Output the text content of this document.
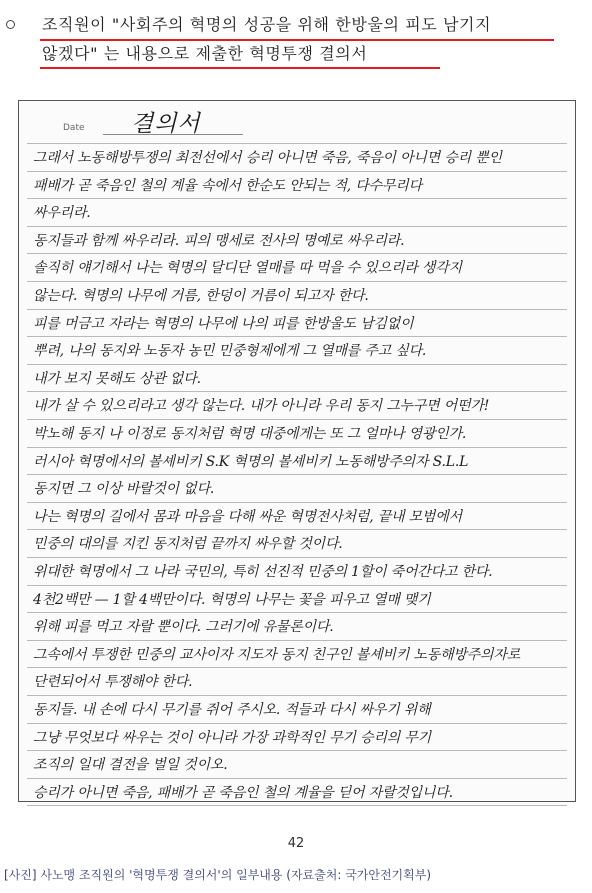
조직원이 "사회주의 혁명의 성공을 위해 한방울의 피도 남기지
않겠다" 는 내용으로 제출한 혁명투쟁 결의서
Date 결의서
그래서 노동해방투쟁의 최전선에서 승리 아니면 죽음, 죽음이 아니면 승리 뿐인
패배가 곧 죽음인 철의 계율 속에서 한순도 안되는 적, 다수무리다
싸우리라.
동지들과 함께 싸우리라. 피의 맹세로 전사의 명예로 싸우리라.
솔직히 얘기해서 나는 혁명의 달디단 열매를 따 먹을 수 있으리라 생각지
않는다. 혁명의 나무에 거름, 한덩이 거름이 되고자 한다.
피를 머금고 자라는 혁명의 나무에 나의 피를 한방울도 남김없이
뿌려, 나의 동지와 노동자 농민 민중형제에게 그 열매를 주고 싶다.
내가 보지 못해도 상관 없다.
내가 살 수 있으리라고 생각 않는다. 내가 아니라 우리 동지 그누구면 어떤가!
박노해 동지 나 이정로 동지처럼 혁명 대중에게는 또 그 얼마나 영광인가.
러시아 혁명에서의 볼셰비키 S.K 혁명의 볼셰비키 노동해방주의자 S.L.L
동지면 그 이상 바랄것이 없다.
나는 혁명의 길에서 몸과 마음을 다해 싸운 혁명전사처럼, 끝내 모범에서
민중의 대의를 지킨 동지처럼 끝까지 싸우할 것이다.
위대한 혁명에서 그 나라 국민의, 특히 선진적 민중의 1할이 죽어간다고 한다.
4천2백만 — 1할 4백만이다. 혁명의 나무는 꽃을 피우고 열매 맺기
위해 피를 먹고 자랄 뿐이다. 그러기에 유물론이다.
그속에서 투쟁한 민중의 교사이자 지도자 동지 친구인 볼셰비키 노동해방주의자로
단련되어서 투쟁해야 한다.
동지들. 내 손에 다시 무기를 쥐어 주시오. 적들과 다시 싸우기 위해
그냥 무엇보다 싸우는 것이 아니라 가장 과학적인 무기 승리의 무기
조직의 일대 결전을 벌일 것이오.
승리가 아니면 죽음, 패배가 곧 죽음인 철의 계율을 딛어 자랄것입니다.
42
[사진] 사노맹 조직원의 '혁명투쟁 결의서'의 일부내용 (자료출처: 국가안전기획부)
